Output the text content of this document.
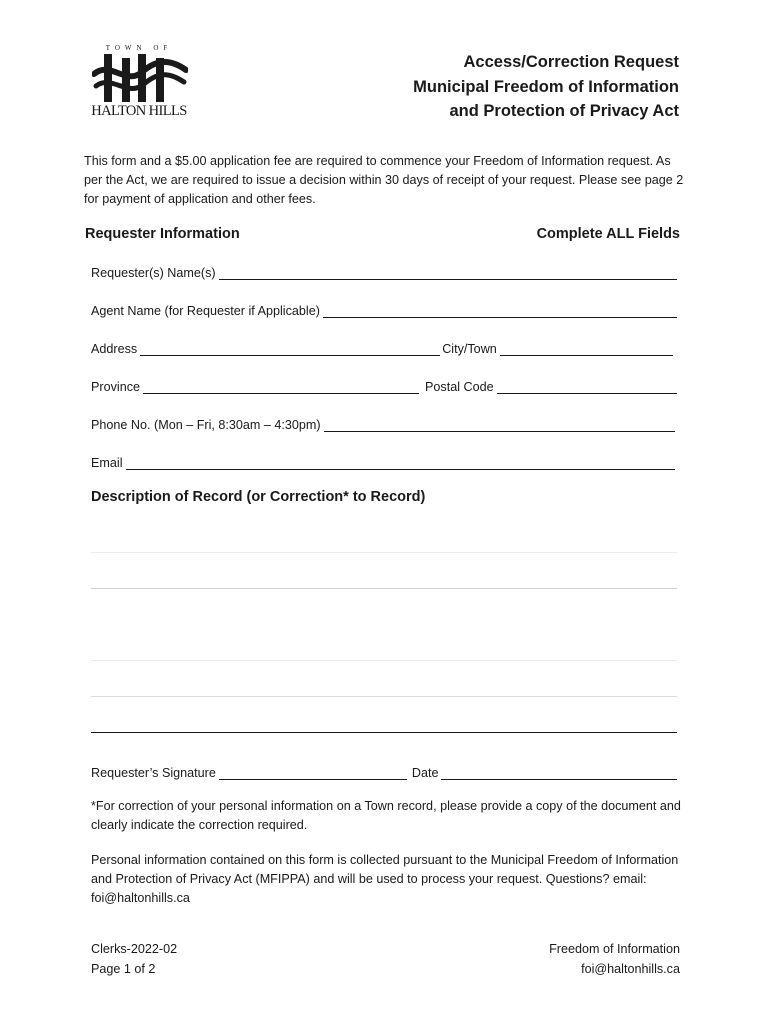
TOWN OF
HALTON HILLS
Access/Correction Request
Municipal Freedom of Information
and Protection of Privacy Act
This form and a $5.00 application fee are required to commence your Freedom of Information request. As per the Act, we are required to issue a decision within 30 days of receipt of your request. Please see page 2 for payment of application and other fees.
Requester Information	Complete ALL Fields
Requester(s) Name(s)
Agent Name (for Requester if Applicable)
Address	City/Town
Province	Postal Code
Phone No. (Mon – Fri, 8:30am – 4:30pm)
Email
Description of Record (or Correction* to Record)
Requester’s Signature	Date
*For correction of your personal information on a Town record, please provide a copy of the document and clearly indicate the correction required.
Personal information contained on this form is collected pursuant to the Municipal Freedom of Information and Protection of Privacy Act (MFIPPA) and will be used to process your request. Questions? email: foi@haltonhills.ca
Clerks-2022-02
Page 1 of 2
Freedom of Information
foi@haltonhills.ca
